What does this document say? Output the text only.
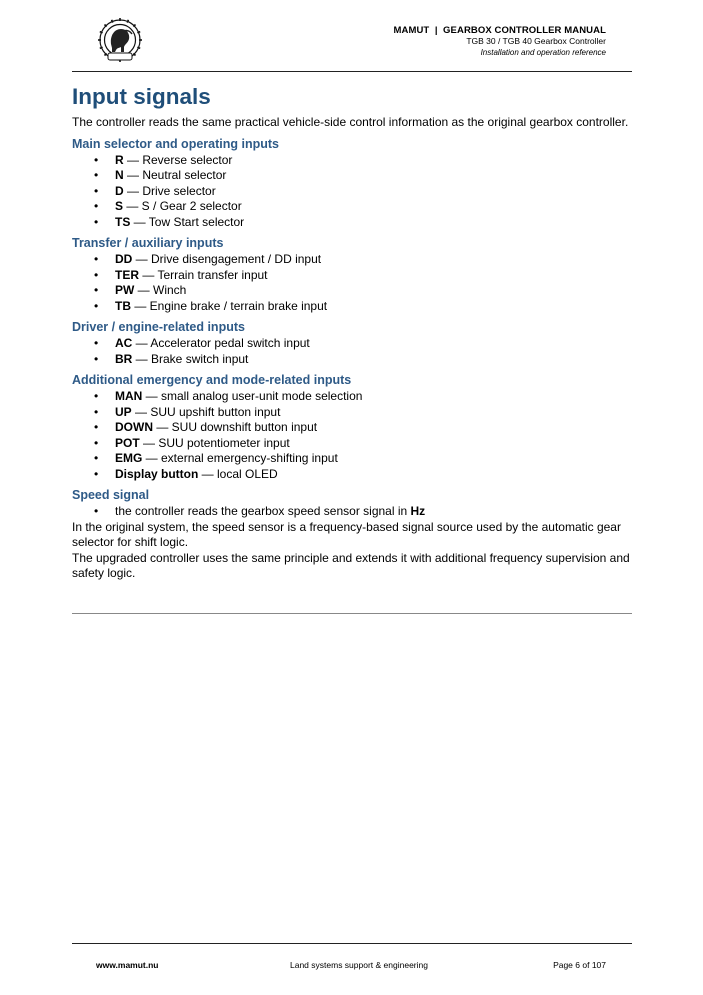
MAMUT  |  GEARBOX CONTROLLER MANUAL
TGB 30 / TGB 40 Gearbox Controller
Installation and operation reference
Input signals

The controller reads the same practical vehicle-side control information as the original gearbox controller.

Main selector and operating inputs
• R — Reverse selector
• N — Neutral selector
• D — Drive selector
• S — S / Gear 2 selector
• TS — Tow Start selector
Transfer / auxiliary inputs
• DD — Drive disengagement / DD input
• TER — Terrain transfer input
• PW — Winch
• TB — Engine brake / terrain brake input
Driver / engine-related inputs
• AC — Accelerator pedal switch input
• BR — Brake switch input
Additional emergency and mode-related inputs
• MAN — small analog user-unit mode selection
• UP — SUU upshift button input
• DOWN — SUU downshift button input
• POT — SUU potentiometer input
• EMG — external emergency-shifting input
• Display button — local OLED
Speed signal
• the controller reads the gearbox speed sensor signal in Hz

In the original system, the speed sensor is a frequency-based signal source used by the automatic gear selector for shift logic.

The upgraded controller uses the same principle and extends it with additional frequency supervision and safety logic.

www.mamut.nu	Land systems support & engineering	Page 6 of 107
